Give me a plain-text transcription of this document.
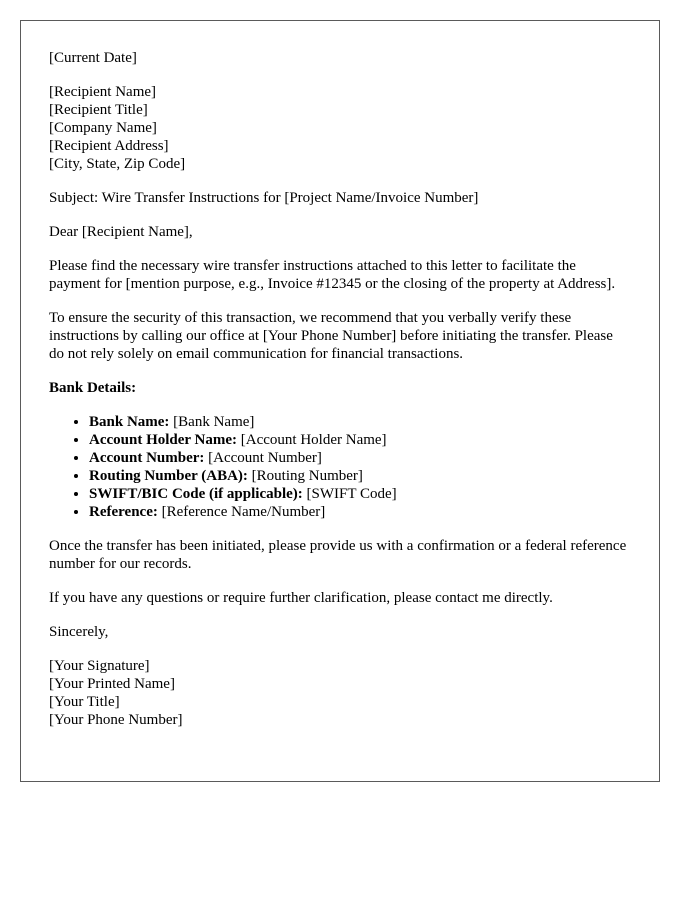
[Current Date]

[Recipient Name]
[Recipient Title]
[Company Name]
[Recipient Address]
[City, State, Zip Code]

Subject: Wire Transfer Instructions for [Project Name/Invoice Number]

Dear [Recipient Name],

Please find the necessary wire transfer instructions attached to this letter to facilitate the payment for [mention purpose, e.g., Invoice #12345 or the closing of the property at Address].

To ensure the security of this transaction, we recommend that you verbally verify these instructions by calling our office at [Your Phone Number] before initiating the transfer. Please do not rely solely on email communication for financial transactions.

Bank Details:

• Bank Name: [Bank Name]
• Account Holder Name: [Account Holder Name]
• Account Number: [Account Number]
• Routing Number (ABA): [Routing Number]
• SWIFT/BIC Code (if applicable): [SWIFT Code]
• Reference: [Reference Name/Number]

Once the transfer has been initiated, please provide us with a confirmation or a federal reference number for our records.

If you have any questions or require further clarification, please contact me directly.

Sincerely,

[Your Signature]
[Your Printed Name]
[Your Title]
[Your Phone Number]
